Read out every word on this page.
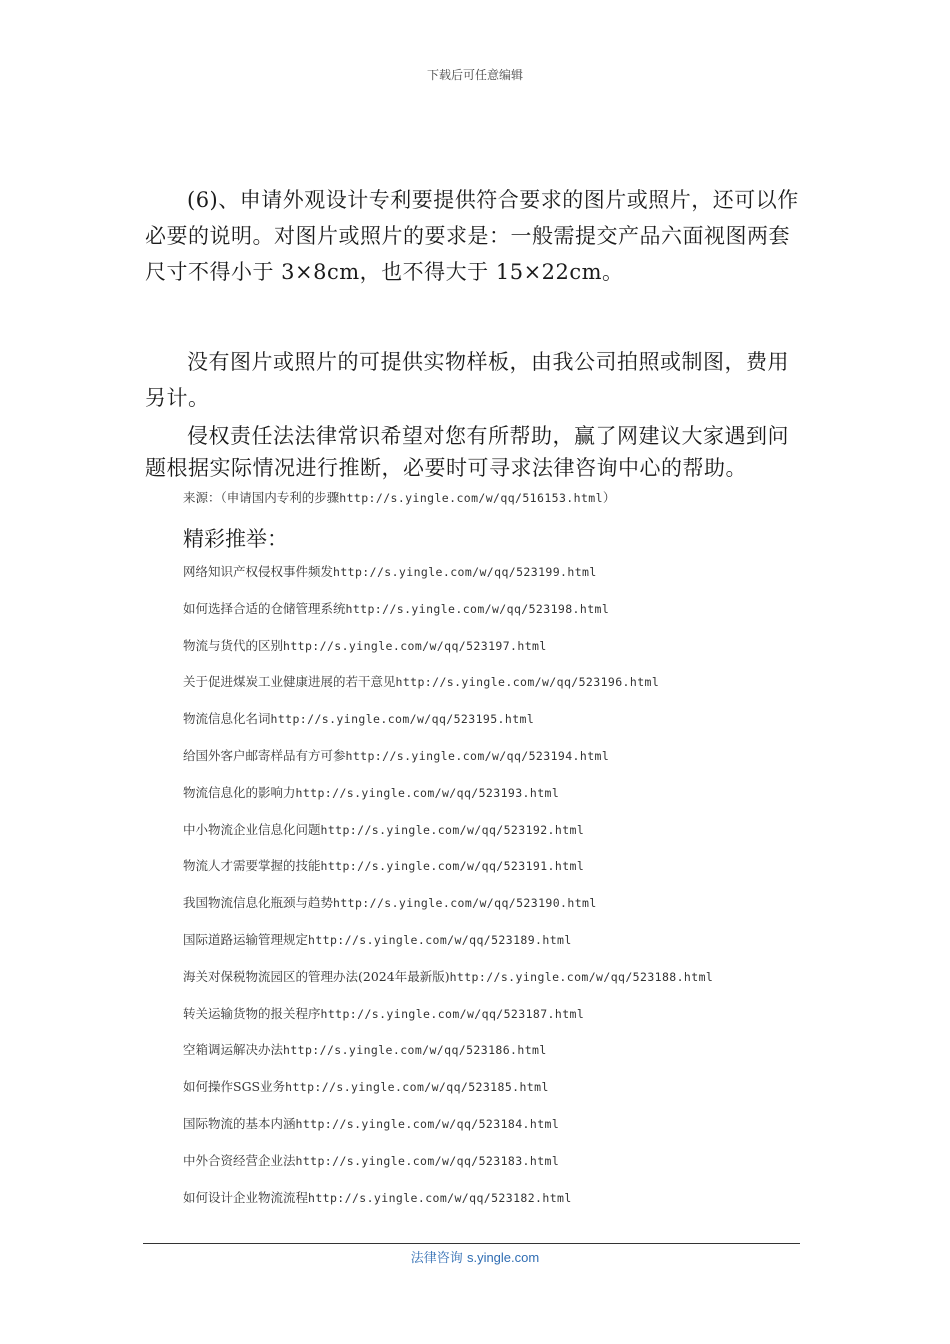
下载后可任意编辑
(6)、申请外观设计专利要提供符合要求的图片或照片，还可以作必要的说明。对图片或照片的要求是：一般需提交产品六面视图两套尺寸不得小于 3×8cm，也不得大于 15×22cm。
没有图片或照片的可提供实物样板，由我公司拍照或制图，费用另计。
侵权责任法法律常识希望对您有所帮助，赢了网建议大家遇到问题根据实际情况进行推断，必要时可寻求法律咨询中心的帮助。
来源：（申请国内专利的步骤http://s.yingle.com/w/qq/516153.html）
精彩推举：
网络知识产权侵权事件频发http://s.yingle.com/w/qq/523199.html
如何选择合适的仓储管理系统http://s.yingle.com/w/qq/523198.html
物流与货代的区别http://s.yingle.com/w/qq/523197.html
关于促进煤炭工业健康进展的若干意见http://s.yingle.com/w/qq/523196.html
物流信息化名词http://s.yingle.com/w/qq/523195.html
给国外客户邮寄样品有方可参http://s.yingle.com/w/qq/523194.html
物流信息化的影响力http://s.yingle.com/w/qq/523193.html
中小物流企业信息化问题http://s.yingle.com/w/qq/523192.html
物流人才需要掌握的技能http://s.yingle.com/w/qq/523191.html
我国物流信息化瓶颈与趋势http://s.yingle.com/w/qq/523190.html
国际道路运输管理规定http://s.yingle.com/w/qq/523189.html
海关对保税物流园区的管理办法(2024年最新版)http://s.yingle.com/w/qq/523188.html
转关运输货物的报关程序http://s.yingle.com/w/qq/523187.html
空箱调运解决办法http://s.yingle.com/w/qq/523186.html
如何操作SGS业务http://s.yingle.com/w/qq/523185.html
国际物流的基本内涵http://s.yingle.com/w/qq/523184.html
中外合资经营企业法http://s.yingle.com/w/qq/523183.html
如何设计企业物流流程http://s.yingle.com/w/qq/523182.html
法律咨询 s.yingle.com
